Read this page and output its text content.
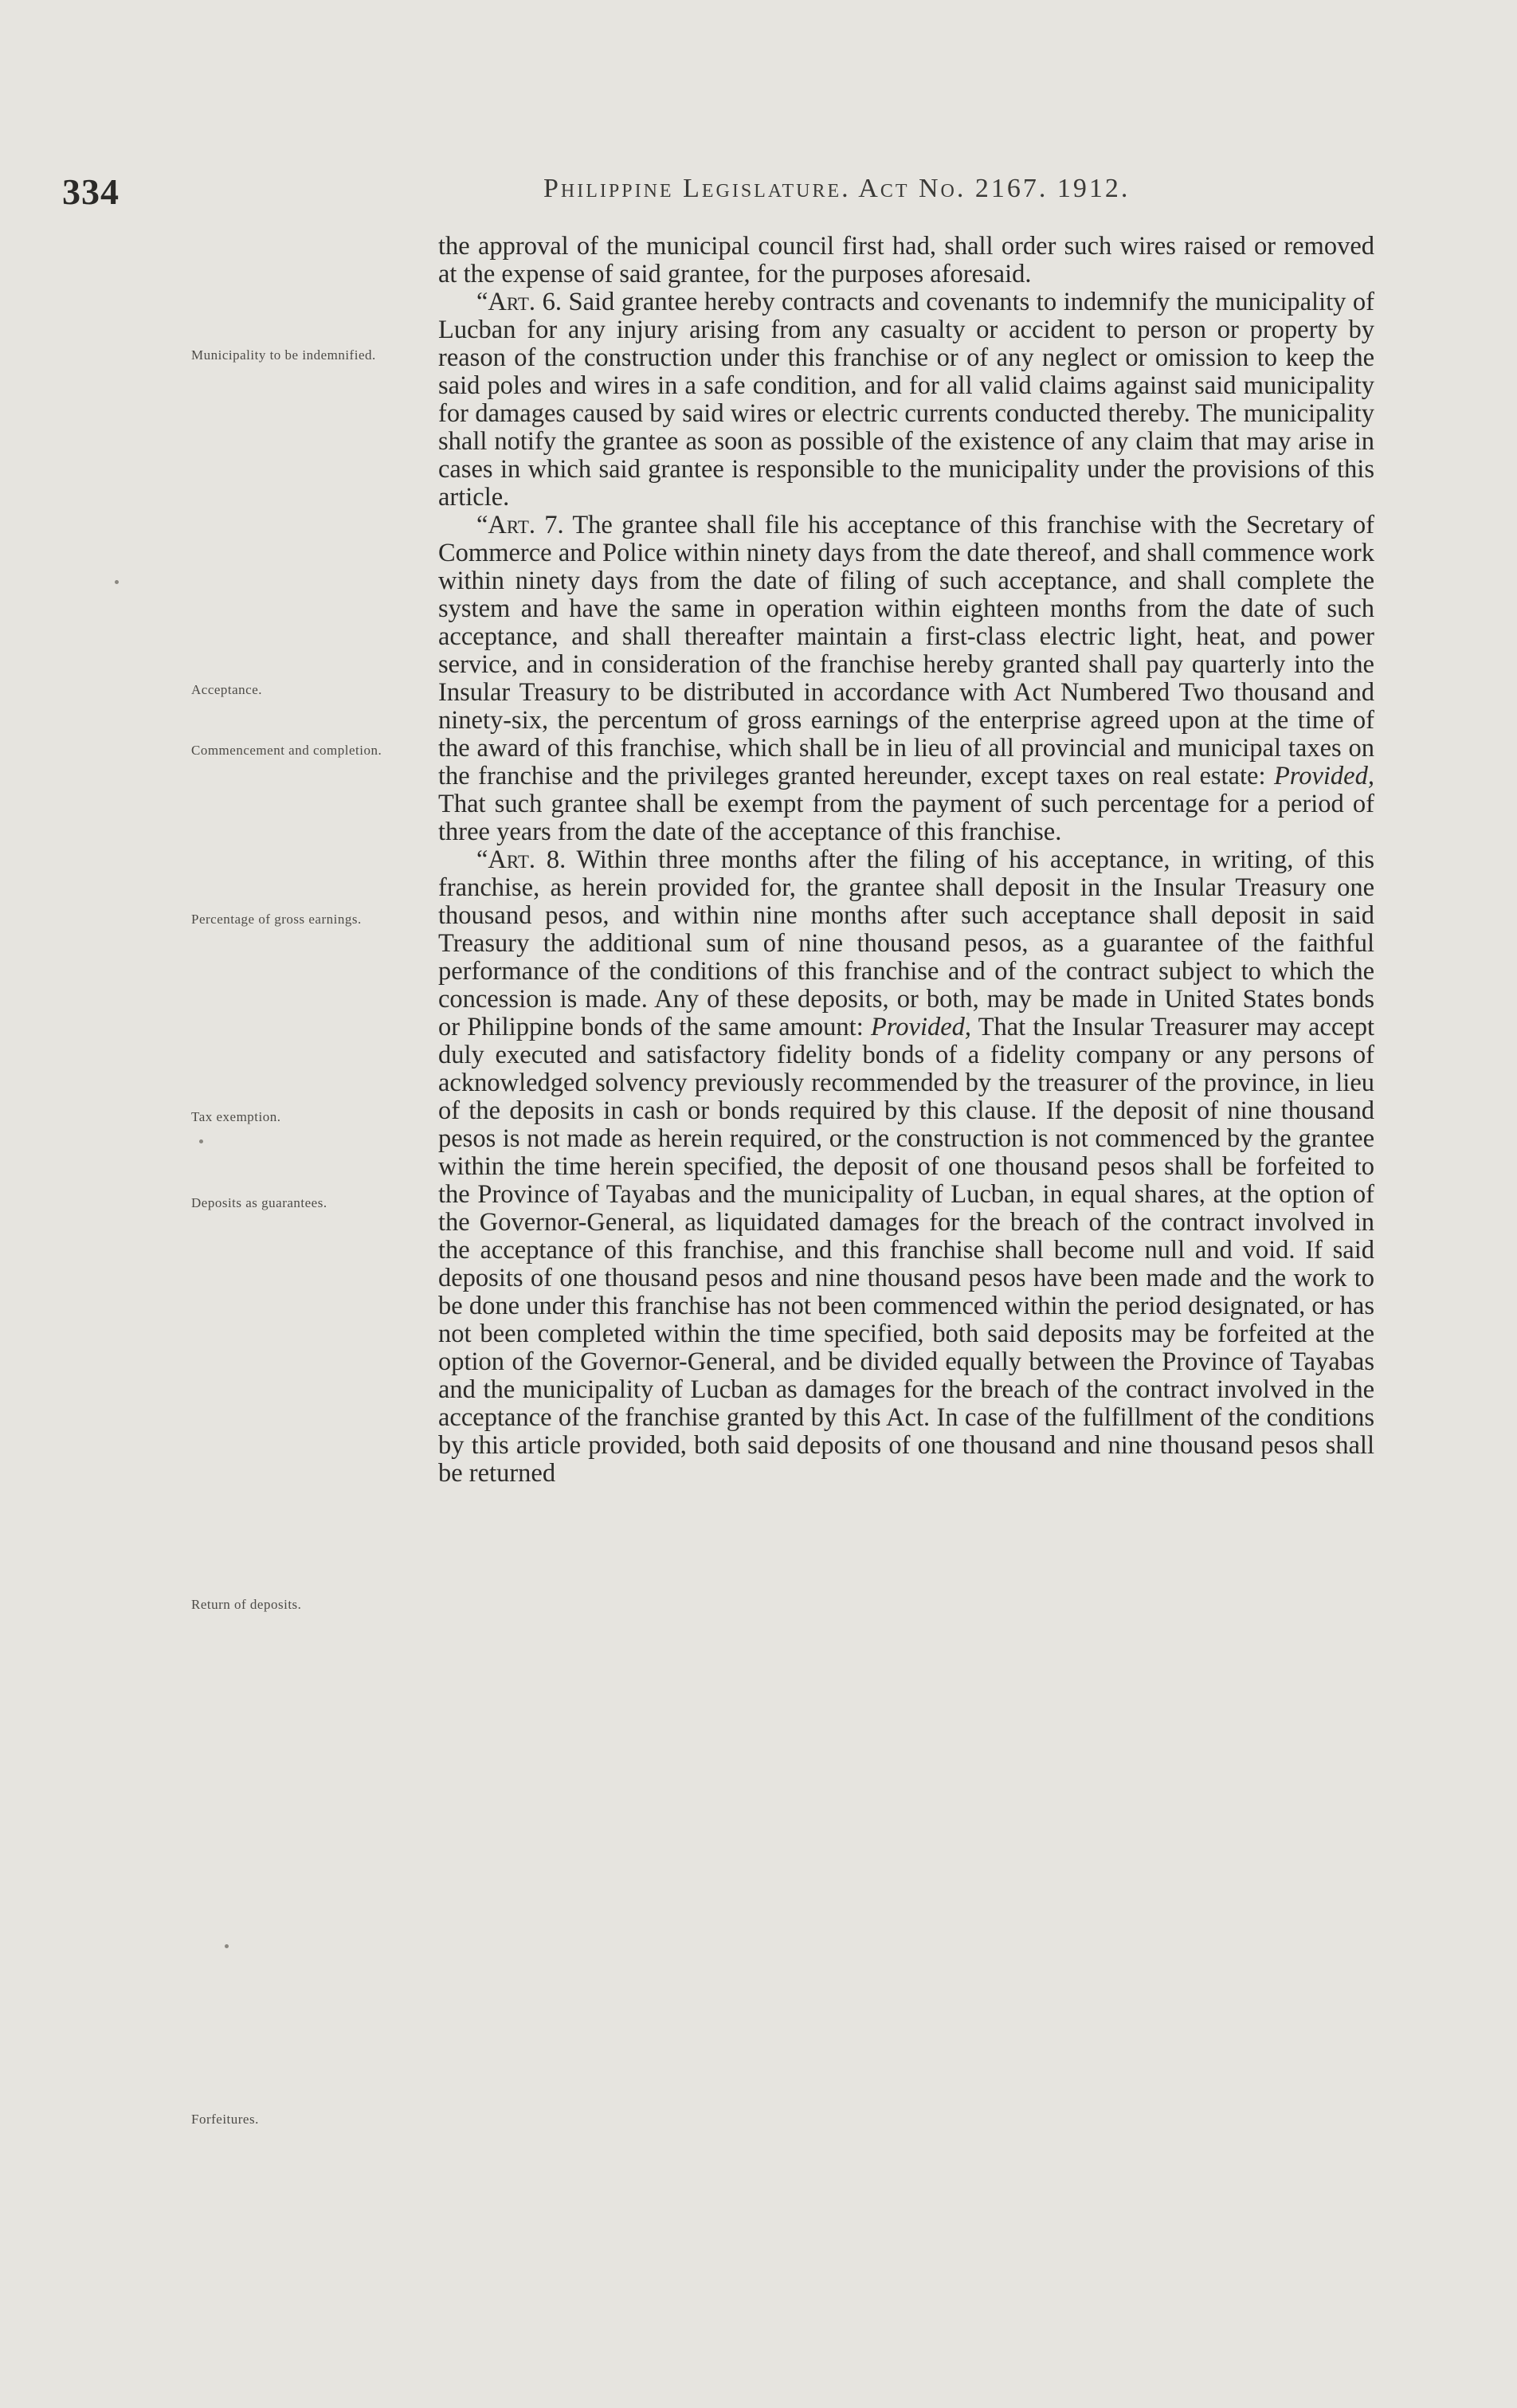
334	Philippine Legislature. Act No. 2167. 1912.
Municipality to be indemnified.
Acceptance.
Commencement and completion.
Percentage of gross earnings.
Tax exemption.
Deposits as guarantees.
Return of deposits.
Forfeitures.

the approval of the municipal council first had, shall order such wires raised or removed at the expense of said grantee, for the purposes aforesaid.

“Art. 6. Said grantee hereby contracts and covenants to indemnify the municipality of Lucban for any injury arising from any casualty or accident to person or property by reason of the construction under this franchise or of any neglect or omission to keep the said poles and wires in a safe condition, and for all valid claims against said municipality for damages caused by said wires or electric currents conducted thereby. The municipality shall notify the grantee as soon as possible of the existence of any claim that may arise in cases in which said grantee is responsible to the municipality under the provisions of this article.

“Art. 7. The grantee shall file his acceptance of this franchise with the Secretary of Commerce and Police within ninety days from the date thereof, and shall commence work within ninety days from the date of filing of such acceptance, and shall complete the system and have the same in operation within eighteen months from the date of such acceptance, and shall thereafter maintain a first-class electric light, heat, and power service, and in consideration of the franchise hereby granted shall pay quarterly into the Insular Treasury to be distributed in accordance with Act Numbered Two thousand and ninety-six, the percentum of gross earnings of the enterprise agreed upon at the time of the award of this franchise, which shall be in lieu of all provincial and municipal taxes on the franchise and the privileges granted hereunder, except taxes on real estate: Provided, That such grantee shall be exempt from the payment of such percentage for a period of three years from the date of the acceptance of this franchise.

“Art. 8. Within three months after the filing of his acceptance, in writing, of this franchise, as herein provided for, the grantee shall deposit in the Insular Treasury one thousand pesos, and within nine months after such acceptance shall deposit in said Treasury the additional sum of nine thousand pesos, as a guarantee of the faithful performance of the conditions of this franchise and of the contract subject to which the concession is made. Any of these deposits, or both, may be made in United States bonds or Philippine bonds of the same amount: Provided, That the Insular Treasurer may accept duly executed and satisfactory fidelity bonds of a fidelity company or any persons of acknowledged solvency previously recommended by the treasurer of the province, in lieu of the deposits in cash or bonds required by this clause. If the deposit of nine thousand pesos is not made as herein required, or the construction is not commenced by the grantee within the time herein specified, the deposit of one thousand pesos shall be forfeited to the Province of Tayabas and the municipality of Lucban, in equal shares, at the option of the Governor-General, as liquidated damages for the breach of the contract involved in the acceptance of this franchise, and this franchise shall become null and void. If said deposits of one thousand pesos and nine thousand pesos have been made and the work to be done under this franchise has not been commenced within the period designated, or has not been completed within the time specified, both said deposits may be forfeited at the option of the Governor-General, and be divided equally between the Province of Tayabas and the municipality of Lucban as damages for the breach of the contract involved in the acceptance of the franchise granted by this Act. In case of the fulfillment of the conditions by this article provided, both said deposits of one thousand and nine thousand pesos shall be returned
